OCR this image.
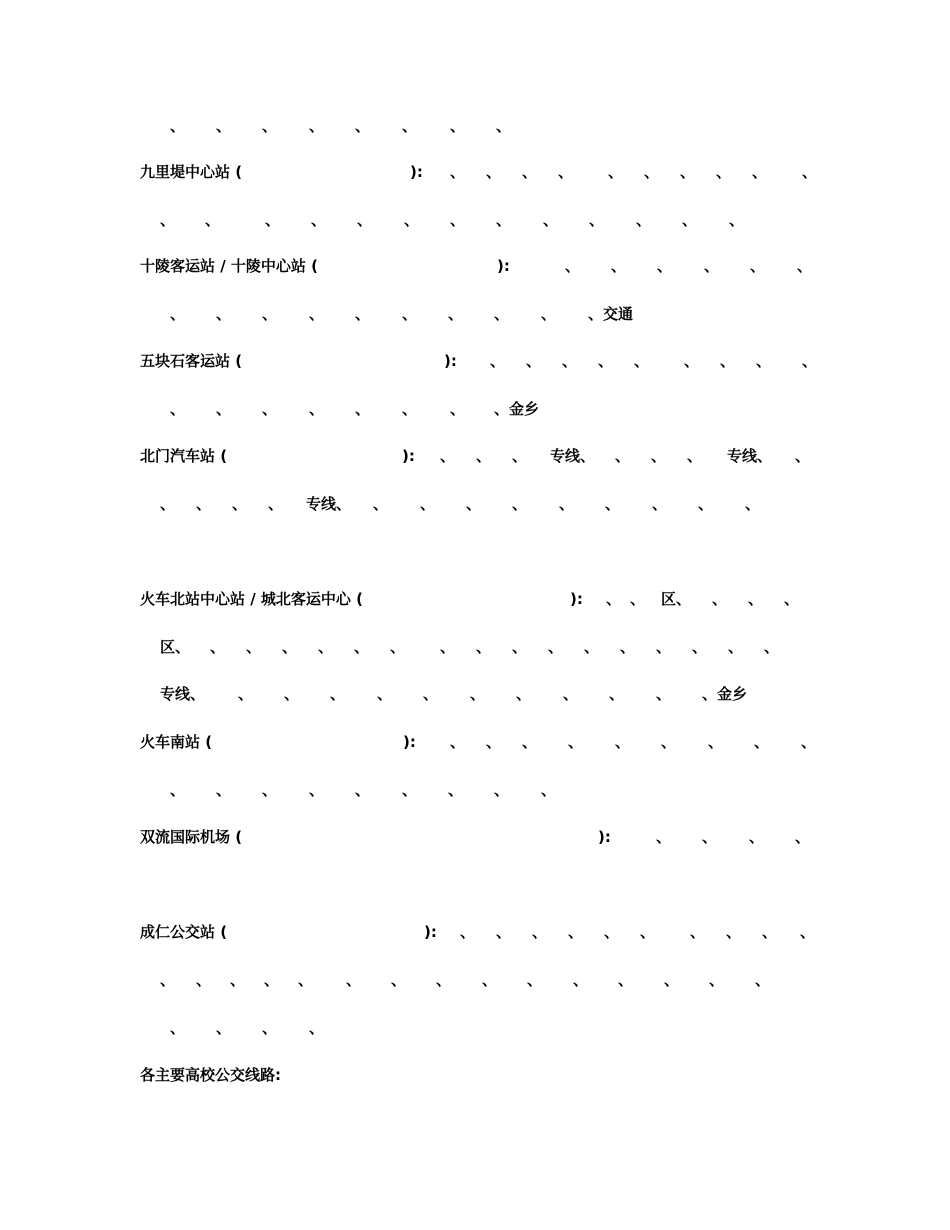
、 、 、 、 、 、 、 、
九里堤中心站 (	): 、 、 、 、 、 、 、 、 、 、
、 、	、 、 、 、 、 、 、 、 、 、 、
十陵客运站 / 十陵中心站 (	):	、 、 、 、 、 、
、 、 、 、 、 、 、 、 、 、交通
五块石客运站 (	): 、 、 、 、 、 、 、 、 、
、 、 、 、 、 、 、 、金乡
北门汽车站 (	): 、 、 、 专线、 、 、 、 专线、 、
、 、 、 、 专线、 、 、 、 、 、 、 、 、 、
火车北站中心站 / 城北客运中心 (	): 、 、 区、 、 、 、
区、 、 、 、 、 、 、 、 、 、 、 、 、 、 、 、 、
专线、 、 、 、 、 、 、 、 、 、 、 、金乡
火车南站 (	): 、 、 、 、 、 、 、 、 、
、 、 、 、 、 、 、 、 、
双流国际机场 (	):	、 、 、 、
成仁公交站 (	): 、 、 、 、 、 、 、 、 、 、
、 、 、 、 、 、 、 、 、 、 、 、 、 、 、
、 、 、 、
各主要高校公交线路:
